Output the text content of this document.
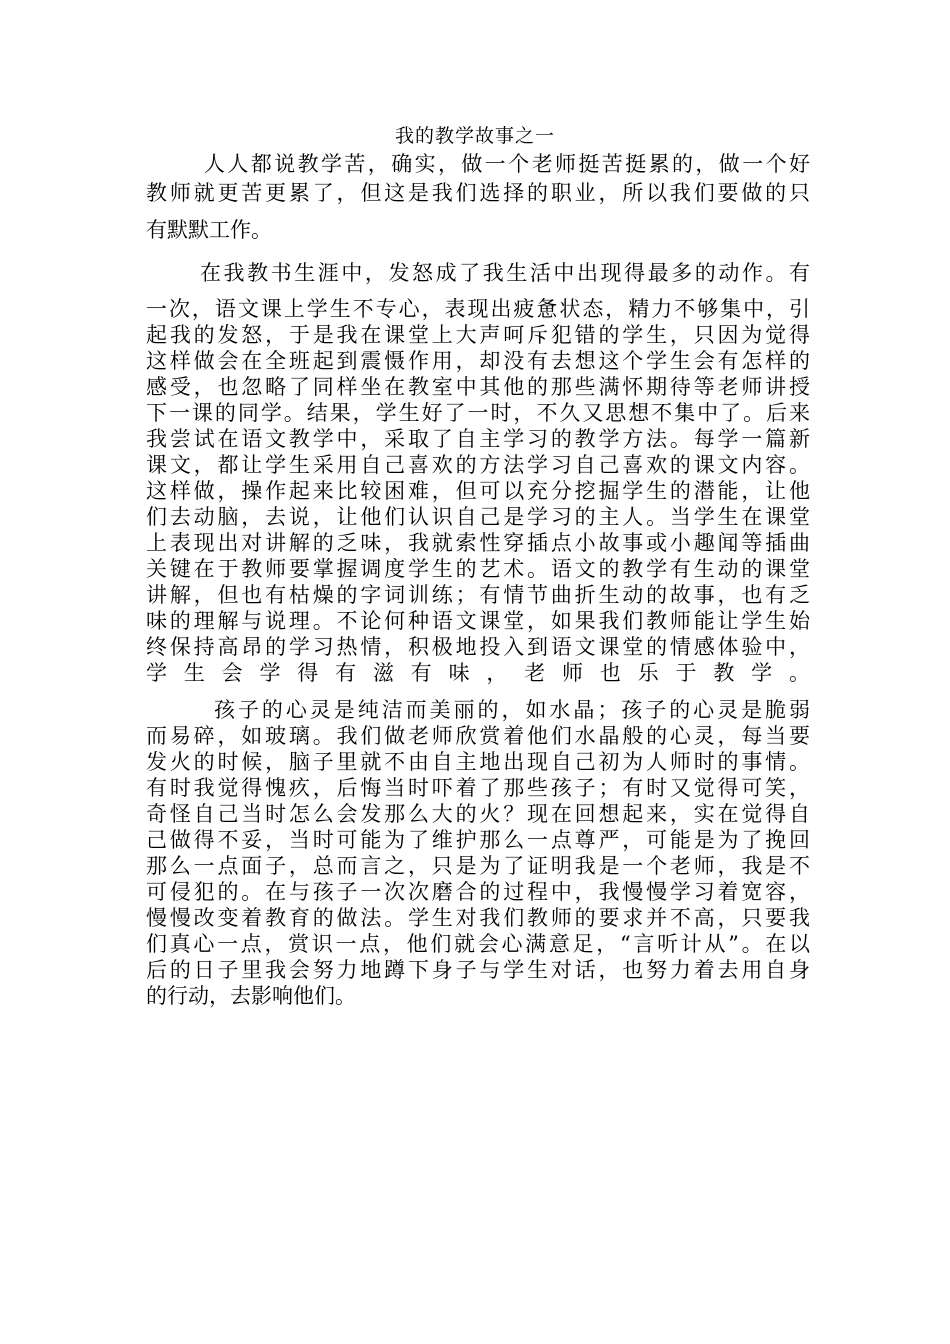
我的教学故事之一
人人都说教学苦，确实，做一个老师挺苦挺累的，做一个好
教师就更苦更累了，但这是我们选择的职业，所以我们要做的只
有默默工作。
在我教书生涯中，发怒成了我生活中出现得最多的动作。有
一次，语文课上学生不专心，表现出疲惫状态，精力不够集中，引
起我的发怒，于是我在课堂上大声呵斥犯错的学生，只因为觉得
这样做会在全班起到震慑作用，却没有去想这个学生会有怎样的
感受，也忽略了同样坐在教室中其他的那些满怀期待等老师讲授
下一课的同学。结果，学生好了一时，不久又思想不集中了。后来
我尝试在语文教学中，采取了自主学习的教学方法。每学一篇新
课文，都让学生采用自己喜欢的方法学习自己喜欢的课文内容。
这样做，操作起来比较困难，但可以充分挖掘学生的潜能，让他
们去动脑，去说，让他们认识自己是学习的主人。当学生在课堂
上表现出对讲解的乏味，我就索性穿插点小故事或小趣闻等插曲
关键在于教师要掌握调度学生的艺术。语文的教学有生动的课堂
讲解，但也有枯燥的字词训练；有情节曲折生动的故事，也有乏
味的理解与说理。不论何种语文课堂，如果我们教师能让学生始
终保持高昂的学习热情，积极地投入到语文课堂的情感体验中，
学生会学得有滋有味，老师也乐于教学。
孩子的心灵是纯洁而美丽的，如水晶；孩子的心灵是脆弱
而易碎，如玻璃。我们做老师欣赏着他们水晶般的心灵，每当要
发火的时候，脑子里就不由自主地出现自己初为人师时的事情。
有时我觉得愧疚，后悔当时吓着了那些孩子；有时又觉得可笑，
奇怪自己当时怎么会发那么大的火？现在回想起来，实在觉得自
己做得不妥，当时可能为了维护那么一点尊严，可能是为了挽回
那么一点面子，总而言之，只是为了证明我是一个老师，我是不
可侵犯的。在与孩子一次次磨合的过程中，我慢慢学习着宽容，
慢慢改变着教育的做法。学生对我们教师的要求并不高，只要我
们真心一点，赏识一点，他们就会心满意足，“言听计从”。在以
后的日子里我会努力地蹲下身子与学生对话，也努力着去用自身
的行动，去影响他们。
